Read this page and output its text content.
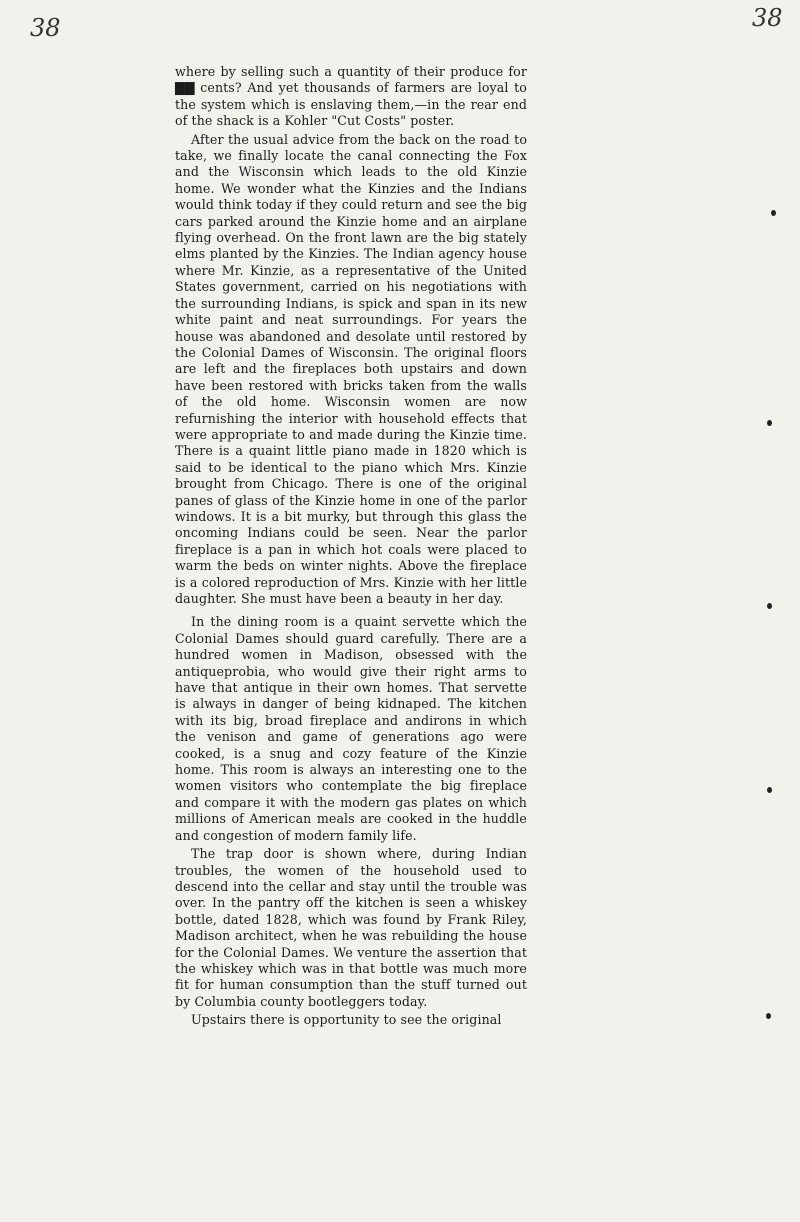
38	38

where by selling such a quantity of their produce for ▇▇ cents? And yet thousands of farmers are loyal to the system which is enslaving them,—in the rear end of the shack is a Kohler "Cut Costs" poster.

After the usual advice from the back on the road to take, we finally locate the canal connecting the Fox and the Wisconsin which leads to the old Kinzie home. We wonder what the Kinzies and the Indians would think today if they could return and see the big cars parked around the Kinzie home and an airplane flying overhead. On the front lawn are the big stately elms planted by the Kinzies. The Indian agency house where Mr. Kinzie, as a representative of the United States government, carried on his negotiations with the surrounding Indians, is spick and span in its new white paint and neat surroundings. For years the house was abandoned and desolate until restored by the Colonial Dames of Wisconsin. The original floors are left and the fireplaces both upstairs and down have been restored with bricks taken from the walls of the old home. Wisconsin women are now refurnishing the interior with household effects that were appropriate to and made during the Kinzie time. There is a quaint little piano made in 1820 which is said to be identical to the piano which Mrs. Kinzie brought from Chicago. There is one of the original panes of glass of the Kinzie home in one of the parlor windows. It is a bit murky, but through this glass the oncoming Indians could be seen. Near the parlor fireplace is a pan in which hot coals were placed to warm the beds on winter nights. Above the fireplace is a colored reproduction of Mrs. Kinzie with her little daughter. She must have been a beauty in her day.

In the dining room is a quaint servette which the Colonial Dames should guard carefully. There are a hundred women in Madison, obsessed with the antiqueprobia, who would give their right arms to have that antique in their own homes. That servette is always in danger of being kidnaped. The kitchen with its big, broad fireplace and andirons in which the venison and game of generations ago were cooked, is a snug and cozy feature of the Kinzie home. This room is always an interesting one to the women visitors who contemplate the big fireplace and compare it with the modern gas plates on which millions of American meals are cooked in the huddle and congestion of modern family life.

The trap door is shown where, during Indian troubles, the women of the household used to descend into the cellar and stay until the trouble was over. In the pantry off the kitchen is seen a whiskey bottle, dated 1828, which was found by Frank Riley, Madison architect, when he was rebuilding the house for the Colonial Dames. We venture the assertion that the whiskey which was in that bottle was much more fit for human consumption than the stuff turned out by Columbia county bootleggers today.

Upstairs there is opportunity to see the original
